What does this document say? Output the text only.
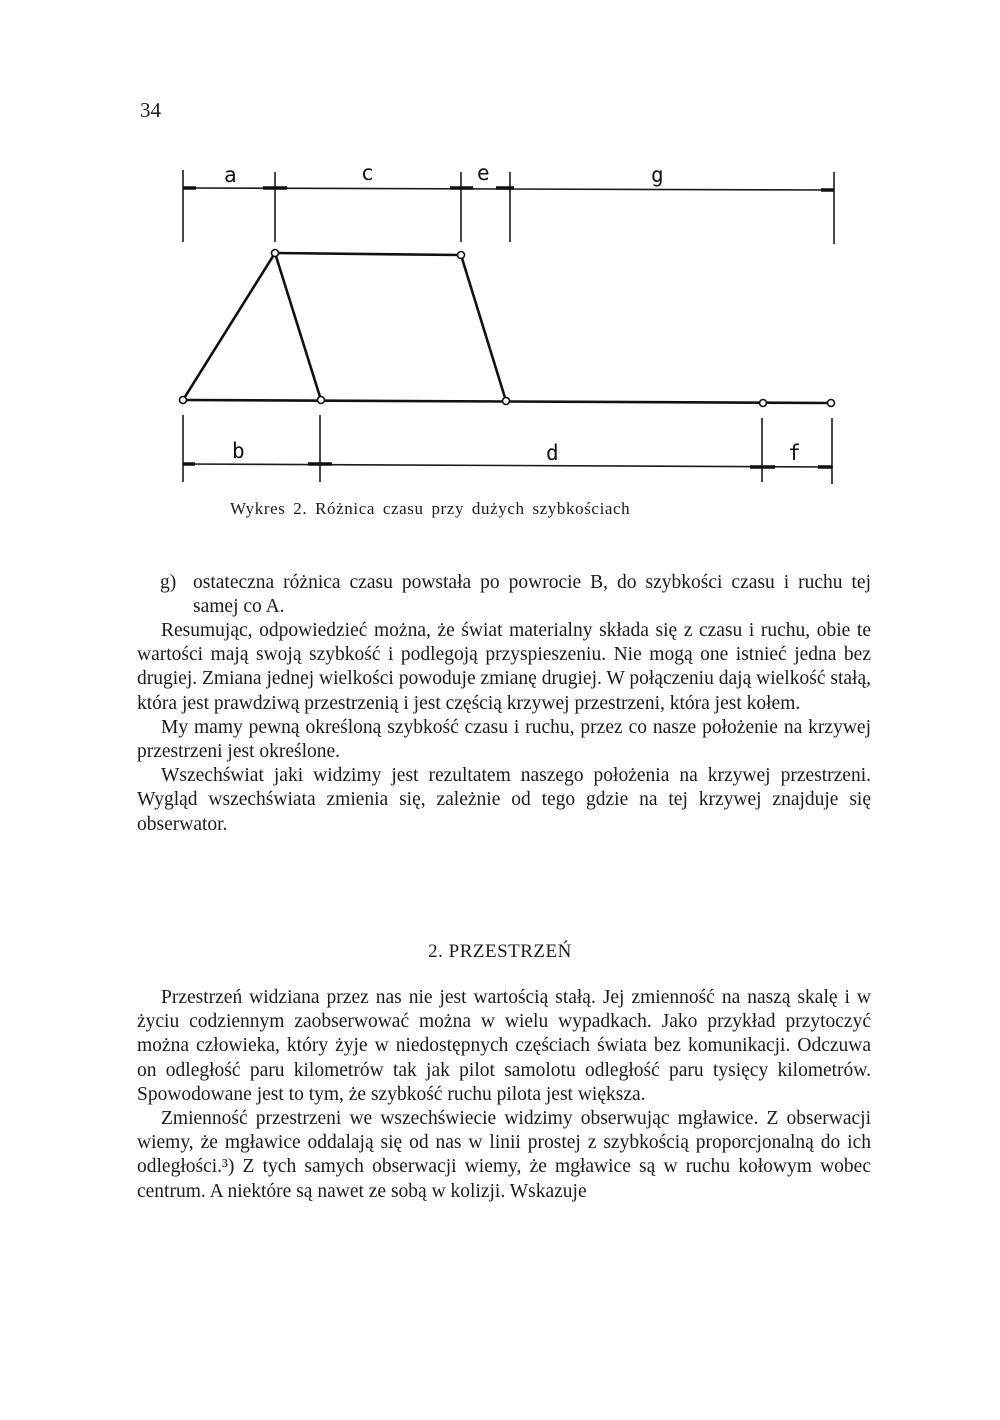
34
a	c	e	g
b	d	f
Wykres 2. Różnica czasu przy dużych szybkościach
g) ostateczna różnica czasu powstała po powrocie B, do szybkości czasu i ruchu tej samej co A.

Resumując, odpowiedzieć można, że świat materialny składa się z czasu i ruchu, obie te wartości mają swoją szybkość i podlegoją przyspieszeniu. Nie mogą one istnieć jedna bez drugiej. Zmiana jednej wielkości powoduje zmianę drugiej. W połączeniu dają wielkość stałą, która jest prawdziwą przestrzenią i jest częścią krzywej przestrzeni, która jest kołem.

My mamy pewną określoną szybkość czasu i ruchu, przez co nasze położenie na krzywej przestrzeni jest określone.

Wszechświat jaki widzimy jest rezultatem naszego położenia na krzywej przestrzeni. Wygląd wszechświata zmienia się, zależnie od tego gdzie na tej krzywej znajduje się obserwator.

2. PRZESTRZEŃ

Przestrzeń widziana przez nas nie jest wartością stałą. Jej zmienność na naszą skalę i w życiu codziennym zaobserwować można w wielu wypadkach. Jako przykład przytoczyć można człowieka, który żyje w niedostępnych częściach świata bez komunikacji. Odczuwa on odległość paru kilometrów tak jak pilot samolotu odległość paru tysięcy kilometrów. Spowodowane jest to tym, że szybkość ruchu pilota jest większa.

Zmienność przestrzeni we wszechświecie widzimy obserwując mgławice. Z obserwacji wiemy, że mgławice oddalają się od nas w linii prostej z szybkością proporcjonalną do ich odległości.³) Z tych samych obserwacji wiemy, że mgławice są w ruchu kołowym wobec centrum. A niektóre są nawet ze sobą w kolizji. Wskazuje
